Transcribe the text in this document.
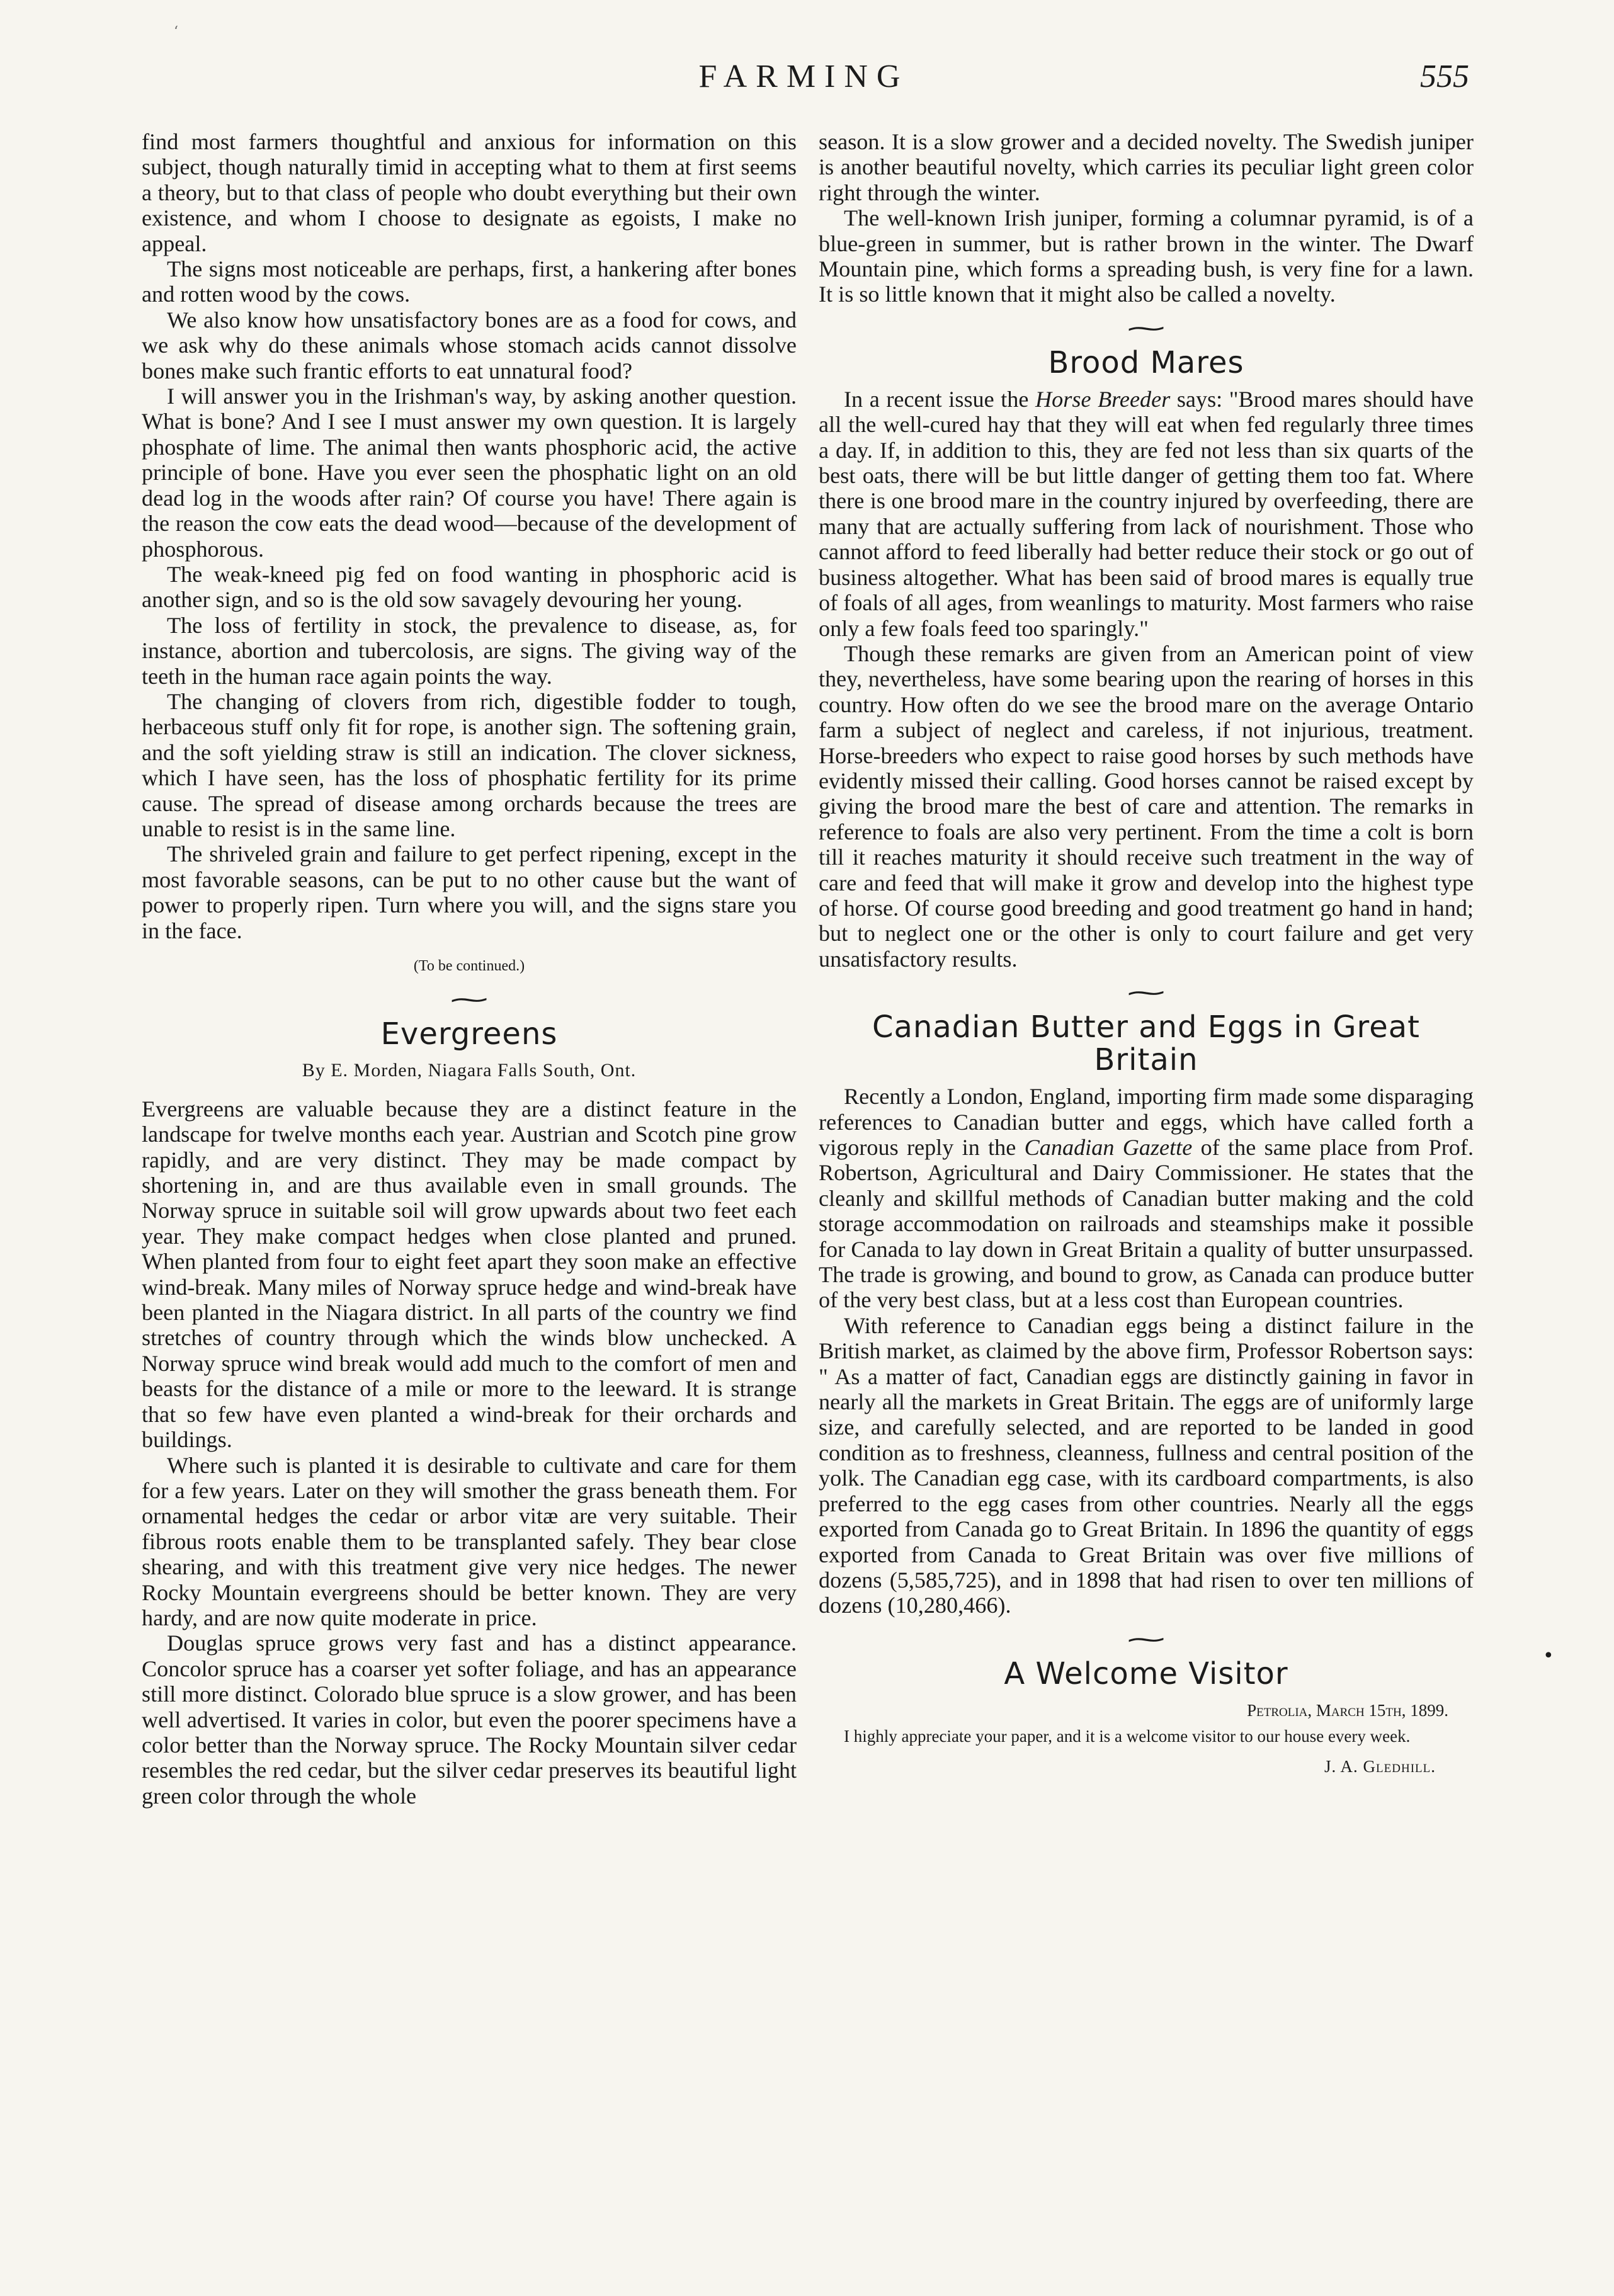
‘
•
FARMING	555

find most farmers thoughtful and anxious for information on this subject, though naturally timid in accepting what to them at first seems a theory, but to that class of people who doubt everything but their own existence, and whom I choose to designate as egoists, I make no appeal.

The signs most noticeable are perhaps, first, a hankering after bones and rotten wood by the cows.

We also know how unsatisfactory bones are as a food for cows, and we ask why do these animals whose stomach acids cannot dissolve bones make such frantic efforts to eat unnatural food?

I will answer you in the Irishman's way, by asking another question. What is bone? And I see I must answer my own question. It is largely phosphate of lime. The animal then wants phosphoric acid, the active principle of bone. Have you ever seen the phosphatic light on an old dead log in the woods after rain? Of course you have! There again is the reason the cow eats the dead wood—because of the development of phosphorous.

The weak-kneed pig fed on food wanting in phosphoric acid is another sign, and so is the old sow savagely devouring her young.

The loss of fertility in stock, the prevalence to disease, as, for instance, abortion and tubercolosis, are signs. The giving way of the teeth in the human race again points the way.

The changing of clovers from rich, digestible fodder to tough, herbaceous stuff only fit for rope, is another sign. The softening grain, and the soft yielding straw is still an indication. The clover sickness, which I have seen, has the loss of phosphatic fertility for its prime cause. The spread of disease among orchards because the trees are unable to resist is in the same line.

The shriveled grain and failure to get perfect ripening, except in the most favorable seasons, can be put to no other cause but the want of power to properly ripen. Turn where you will, and the signs stare you in the face.

(To be continued.)
⁓
Evergreens
By E. Morden, Niagara Falls South, Ont.

Evergreens are valuable because they are a distinct feature in the landscape for twelve months each year. Austrian and Scotch pine grow rapidly, and are very distinct. They may be made compact by shortening in, and are thus available even in small grounds. The Norway spruce in suitable soil will grow upwards about two feet each year. They make compact hedges when close planted and pruned. When planted from four to eight feet apart they soon make an effective wind-break. Many miles of Norway spruce hedge and wind-break have been planted in the Niagara district. In all parts of the country we find stretches of country through which the winds blow unchecked. A Norway spruce wind break would add much to the comfort of men and beasts for the distance of a mile or more to the leeward. It is strange that so few have even planted a wind-break for their orchards and buildings.

Where such is planted it is desirable to cultivate and care for them for a few years. Later on they will smother the grass beneath them. For ornamental hedges the cedar or arbor vitæ are very suitable. Their fibrous roots enable them to be transplanted safely. They bear close shearing, and with this treatment give very nice hedges. The newer Rocky Mountain evergreens should be better known. They are very hardy, and are now quite moderate in price.

Douglas spruce grows very fast and has a distinct appearance. Concolor spruce has a coarser yet softer foliage, and has an appearance still more distinct. Colorado blue spruce is a slow grower, and has been well advertised. It varies in color, but even the poorer specimens have a color better than the Norway spruce. The Rocky Mountain silver cedar resembles the red cedar, but the silver cedar preserves its beautiful light green color through the whole

season. It is a slow grower and a decided novelty. The Swedish juniper is another beautiful novelty, which carries its peculiar light green color right through the winter.

The well-known Irish juniper, forming a columnar pyramid, is of a blue-green in summer, but is rather brown in the winter. The Dwarf Mountain pine, which forms a spreading bush, is very fine for a lawn. It is so little known that it might also be called a novelty.

⁓
Brood Mares

In a recent issue the Horse Breeder says: "Brood mares should have all the well-cured hay that they will eat when fed regularly three times a day. If, in addition to this, they are fed not less than six quarts of the best oats, there will be but little danger of getting them too fat. Where there is one brood mare in the country injured by overfeeding, there are many that are actually suffering from lack of nourishment. Those who cannot afford to feed liberally had better reduce their stock or go out of business altogether. What has been said of brood mares is equally true of foals of all ages, from weanlings to maturity. Most farmers who raise only a few foals feed too sparingly."

Though these remarks are given from an American point of view they, nevertheless, have some bearing upon the rearing of horses in this country. How often do we see the brood mare on the average Ontario farm a subject of neglect and careless, if not injurious, treatment. Horse-breeders who expect to raise good horses by such methods have evidently missed their calling. Good horses cannot be raised except by giving the brood mare the best of care and attention. The remarks in reference to foals are also very pertinent. From the time a colt is born till it reaches maturity it should receive such treatment in the way of care and feed that will make it grow and develop into the highest type of horse. Of course good breeding and good treatment go hand in hand; but to neglect one or the other is only to court failure and get very unsatisfactory results.

⁓
Canadian Butter and Eggs in Great Britain

Recently a London, England, importing firm made some disparaging references to Canadian butter and eggs, which have called forth a vigorous reply in the Canadian Gazette of the same place from Prof. Robertson, Agricultural and Dairy Commissioner. He states that the cleanly and skillful methods of Canadian butter making and the cold storage accommodation on railroads and steamships make it possible for Canada to lay down in Great Britain a quality of butter unsurpassed. The trade is growing, and bound to grow, as Canada can produce butter of the very best class, but at a less cost than European countries.

With reference to Canadian eggs being a distinct failure in the British market, as claimed by the above firm, Professor Robertson says: " As a matter of fact, Canadian eggs are distinctly gaining in favor in nearly all the markets in Great Britain. The eggs are of uniformly large size, and carefully selected, and are reported to be landed in good condition as to freshness, cleanness, fullness and central position of the yolk. The Canadian egg case, with its cardboard compartments, is also preferred to the egg cases from other countries. Nearly all the eggs exported from Canada go to Great Britain. In 1896 the quantity of eggs exported from Canada to Great Britain was over five millions of dozens (5,585,725), and in 1898 that had risen to over ten millions of dozens (10,280,466).

⁓
A Welcome Visitor
Petrolia, March 15th, 1899.

I highly appreciate your paper, and it is a welcome visitor to our house every week.

J. A. Gledhill.
